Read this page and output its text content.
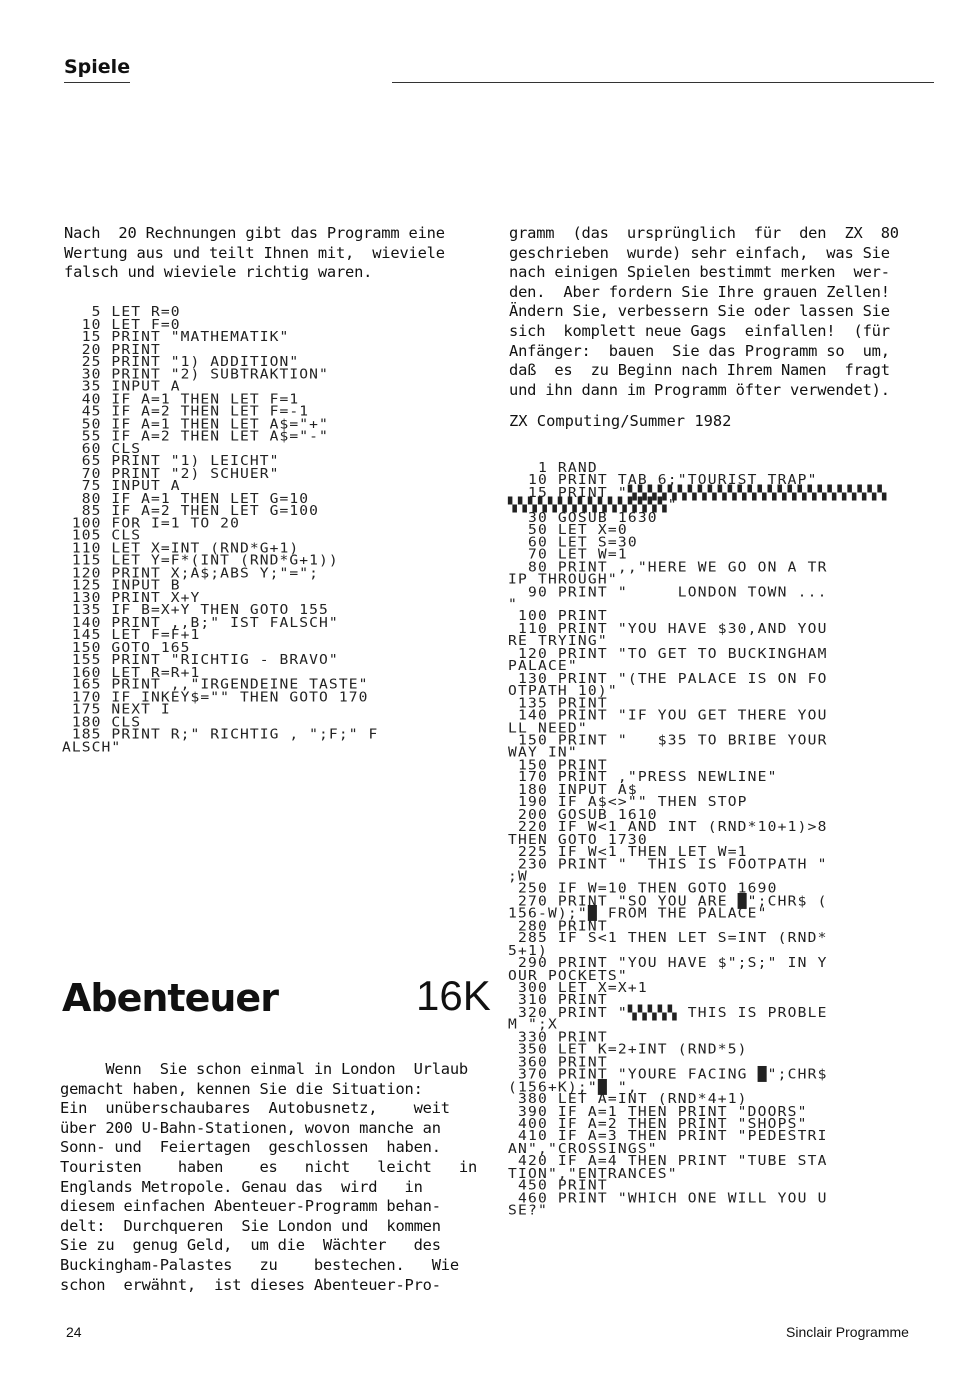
Spiele
Nach  20 Rechnungen gibt das Programm eine
Wertung aus und teilt Ihnen mit,  wieviele
falsch und wieviele richtig waren.
5 LET R=0
10 LET F=0
15 PRINT "MATHEMATIK"
20 PRINT
25 PRINT "1) ADDITION"
30 PRINT "2) SUBTRAKTION"
35 INPUT A
40 IF A=1 THEN LET F=1
45 IF A=2 THEN LET F=-1
50 IF A=1 THEN LET A$="+"
55 IF A=2 THEN LET A$="-"
60 CLS
65 PRINT "1) LEICHT"
70 PRINT "2) SCHUER"
75 INPUT A
80 IF A=1 THEN LET G=10
85 IF A=2 THEN LET G=100
100 FOR I=1 TO 20
105 CLS
110 LET X=INT (RND*G+1)
115 LET Y=F*(INT (RND*G+1))
120 PRINT X;A$;ABS Y;"=";
125 INPUT B
130 PRINT X+Y
135 IF B=X+Y THEN GOTO 155
140 PRINT ,,B;" IST FALSCH"
145 LET F=F+1
150 GOTO 165
155 PRINT "RICHTIG - BRAVO"
160 LET R=R+1
165 PRINT ,,"IRGENDEINE TASTE"
170 IF INKEY$="" THEN GOTO 170
175 NEXT I
180 CLS
185 PRINT R;" RICHTIG , ";F;" F
ALSCH"
Abenteuer	16K
Wenn  Sie schon einmal in London  Urlaub
gemacht haben, kennen Sie die Situation:
Ein  unüberschaubares  Autobusnetz,    weit
über 200 U-Bahn-Stationen, wovon manche an
Sonn- und  Feiertagen  geschlossen  haben.
Touristen    haben    es   nicht   leicht   in
Englands Metropole. Genau das  wird   in
diesem einfachen Abenteuer-Programm behan-
delt:  Durchqueren  Sie London und  kommen
Sie zu  genug Geld,  um die  Wächter   des
Buckingham-Palastes   zu    bestechen.   Wie
schon  erwähnt,  ist dieses Abenteuer-Pro-
gramm  (das  ursprünglich  für  den  ZX  80
geschrieben  wurde) sehr einfach,  was Sie
nach einigen Spielen bestimmt merken  wer-
den.  Aber fordern Sie Ihre grauen Zellen!
Ändern Sie, verbessern Sie oder lassen Sie
sich  komplett neue Gags  einfallen!  (für
Anfänger:  bauen  Sie das Programm so  um,
daß  es  zu Beginn nach Ihrem Namen  fragt
und ihn dann im Programm öfter verwendet).
ZX Computing/Summer 1982
1 RAND
10 PRINT TAB 6;"TOURIST TRAP"
15 PRINT "▚▚▚▚▚▚▚▚▚▚▚▚▚▚▚▚▚▚▚▚▚▚▚▚▚▚
▚▚▚▚▚▚▚▚▚▚▚▚▚▚▚▚"
30 GOSUB 1630
50 LET X=0
60 LET S=30
70 LET W=1
80 PRINT ,,"HERE WE GO ON A TR
IP THROUGH"
90 PRINT "     LONDON TOWN ...
"
100 PRINT
110 PRINT "YOU HAVE $30,AND YOU
RE TRYING"
120 PRINT "TO GET TO BUCKINGHAM
PALACE"
130 PRINT "(THE PALACE IS ON FO
OTPATH 10)"
135 PRINT
140 PRINT "IF YOU GET THERE YOU
LL NEED"
150 PRINT "   $35 TO BRIBE YOUR
WAY IN"
150 PRINT
170 PRINT ,"PRESS NEWLINE"
180 INPUT A$
190 IF A$<>"" THEN STOP
200 GOSUB 1610
220 IF W<1 AND INT (RND*10+1)>8
THEN GOTO 1730
225 IF W<1 THEN LET W=1
230 PRINT "  THIS IS FOOTPATH "
;W
250 IF W=10 THEN GOTO 1690
270 PRINT "SO YOU ARE █";CHR$ (
156-W);"█ FROM THE PALACE"
280 PRINT
285 IF S<1 THEN LET S=INT (RND*
5+1)
290 PRINT "YOU HAVE $";S;" IN Y
OUR POCKETS"
300 LET X=X+1
310 PRINT
320 PRINT "▚▚▚▚▚ THIS IS PROBLE
M ";X
330 PRINT
350 LET K=2+INT (RND*5)
360 PRINT
370 PRINT "YOURE FACING █";CHR$
(156+K);"█ ",
380 LET A=INT (RND*4+1)
390 IF A=1 THEN PRINT "DOORS"
400 IF A=2 THEN PRINT "SHOPS"
410 IF A=3 THEN PRINT "PEDESTRI
AN","CROSSINGS"
420 IF A=4 THEN PRINT "TUBE STA
TION","ENTRANCES"
450 PRINT
460 PRINT "WHICH ONE WILL YOU U
SE?"
24	Sinclair Programme
